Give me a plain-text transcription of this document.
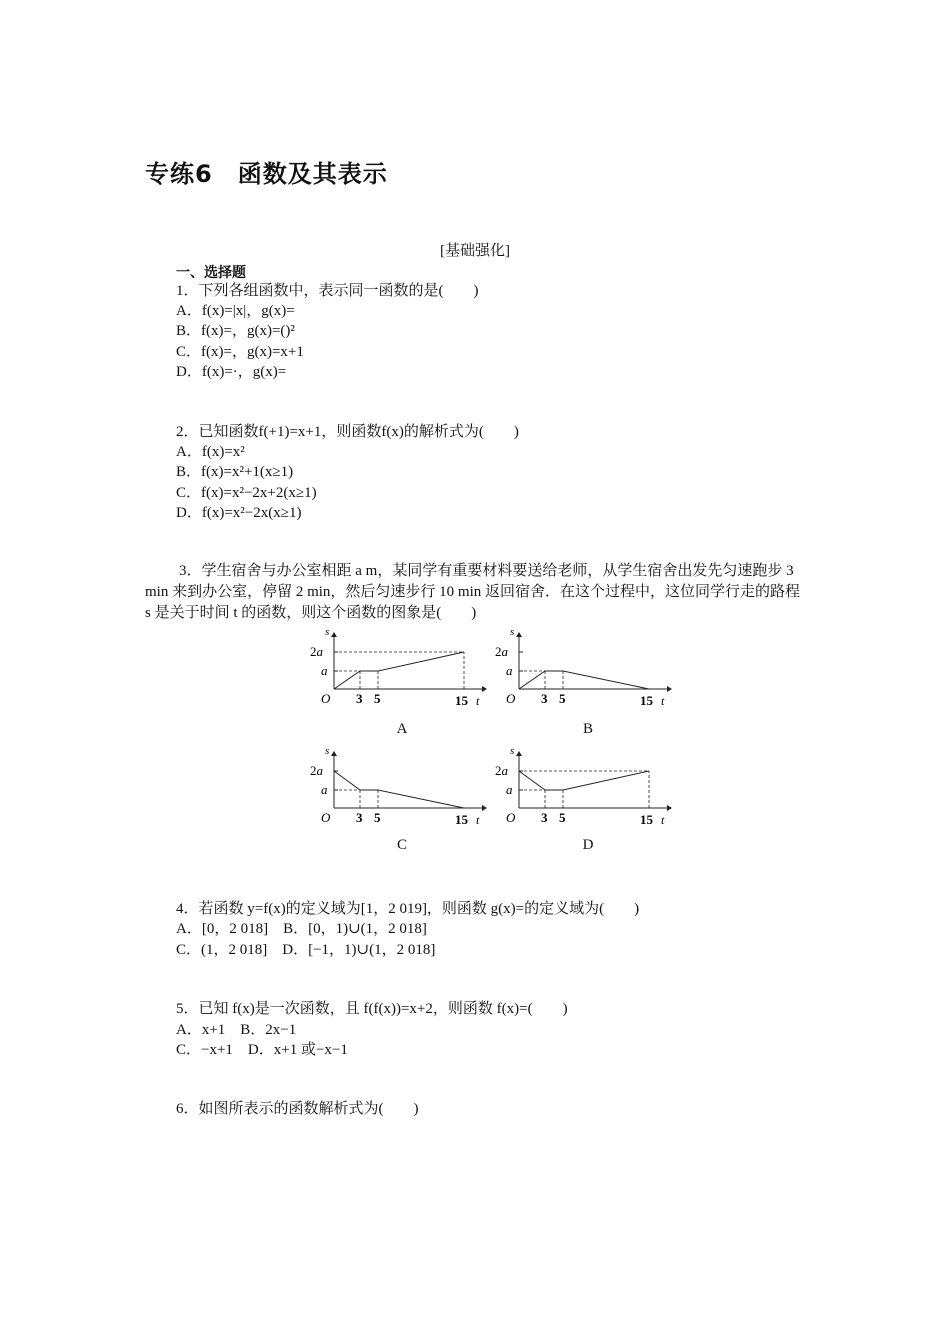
专练6　函数及其表示
[基础强化]
一、选择题
1．下列各组函数中，表示同一函数的是(　　)
A．f(x)=|x|，g(x)=
B．f(x)=，g(x)=()²
C．f(x)=，g(x)=x+1
D．f(x)=·，g(x)=
2．已知函数f(+1)=x+1，则函数f(x)的解析式为(　　)
A．f(x)=x²
B．f(x)=x²+1(x≥1)
C．f(x)=x²−2x+2(x≥1)
D．f(x)=x²−2x(x≥1)
3．学生宿舍与办公室相距 a m，某同学有重要材料要送给老师，从学生宿舍出发先匀速跑步 3 min 来到办公室，停留 2 min，然后匀速步行 10 min 返回宿舍．在这个过程中，这位同学行走的路程 s 是关于时间 t 的函数，则这个函数的图象是(　　)
s
t
O
2a
a
3 5	15
s
t
O
2a
a
3 5	15
s
t
O
2a
a
3 5	15
s
t
O
2a
a
3 5	15
A	B
C	D
4．若函数 y=f(x)的定义域为[1，2 019]，则函数 g(x)=的定义域为(　　)
A．[0，2 018]　B．[0，1)∪(1，2 018]
C．(1，2 018]　D．[−1，1)∪(1，2 018]
5．已知 f(x)是一次函数，且 f(f(x))=x+2，则函数 f(x)=(　　)
A．x+1　B．2x−1
C．−x+1　D．x+1 或−x−1
6．如图所表示的函数解析式为(　　)
